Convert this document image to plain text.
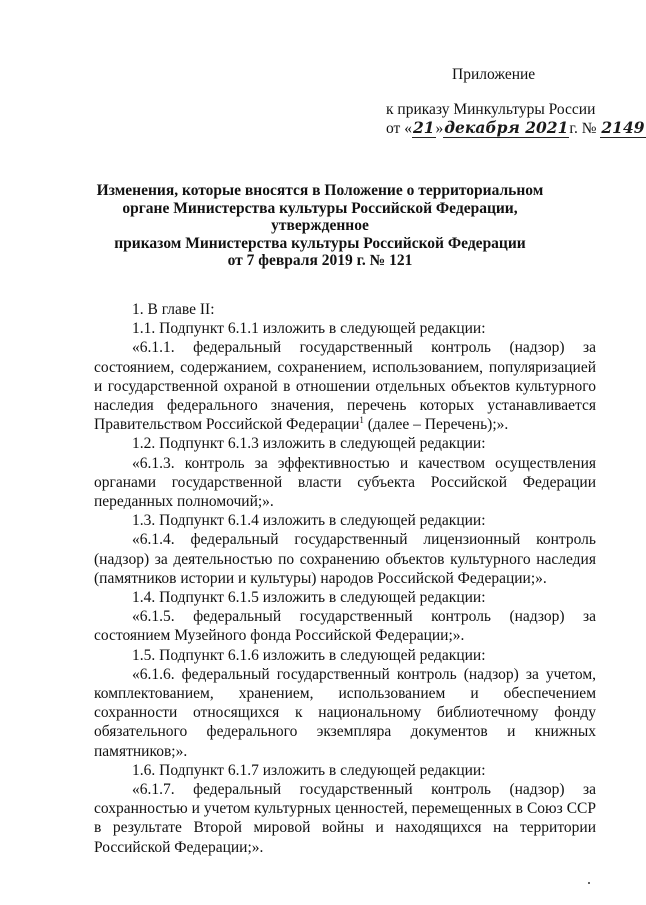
Приложение
к приказу Минкультуры России
от «21»декабря 2021г. № 2149
Изменения, которые вносятся в Положение о территориальном
органе Министерства культуры Российской Федерации, утвержденное
приказом Министерства культуры Российской Федерации
от 7 февраля 2019 г. № 121

1. В главе II:

1.1. Подпункт 6.1.1 изложить в следующей редакции:

«6.1.1. федеральный государственный контроль (надзор) за состоянием, содержанием, сохранением, использованием, популяризацией и государственной охраной в отношении отдельных объектов культурного наследия федерального значения, перечень которых устанавливается Правительством Российской Федерации$^1$ (далее – Перечень);».

1.2. Подпункт 6.1.3 изложить в следующей редакции:

«6.1.3. контроль за эффективностью и качеством осуществления органами государственной власти субъекта Российской Федерации переданных полномочий;».

1.3. Подпункт 6.1.4 изложить в следующей редакции:

«6.1.4. федеральный государственный лицензионный контроль (надзор) за деятельностью по сохранению объектов культурного наследия (памятников истории и культуры) народов Российской Федерации;».

1.4. Подпункт 6.1.5 изложить в следующей редакции:

«6.1.5. федеральный государственный контроль (надзор) за состоянием Музейного фонда Российской Федерации;».

1.5. Подпункт 6.1.6 изложить в следующей редакции:

«6.1.6. федеральный государственный контроль (надзор) за учетом, комплектованием, хранением, использованием и обеспечением сохранности относящихся к национальному библиотечному фонду обязательного федерального экземпляра документов и книжных памятников;».

1.6. Подпункт 6.1.7 изложить в следующей редакции:

«6.1.7. федеральный государственный контроль (надзор) за сохранностью и учетом культурных ценностей, перемещенных в Союз ССР в результате Второй мировой войны и находящихся на территории Российской Федерации;».
